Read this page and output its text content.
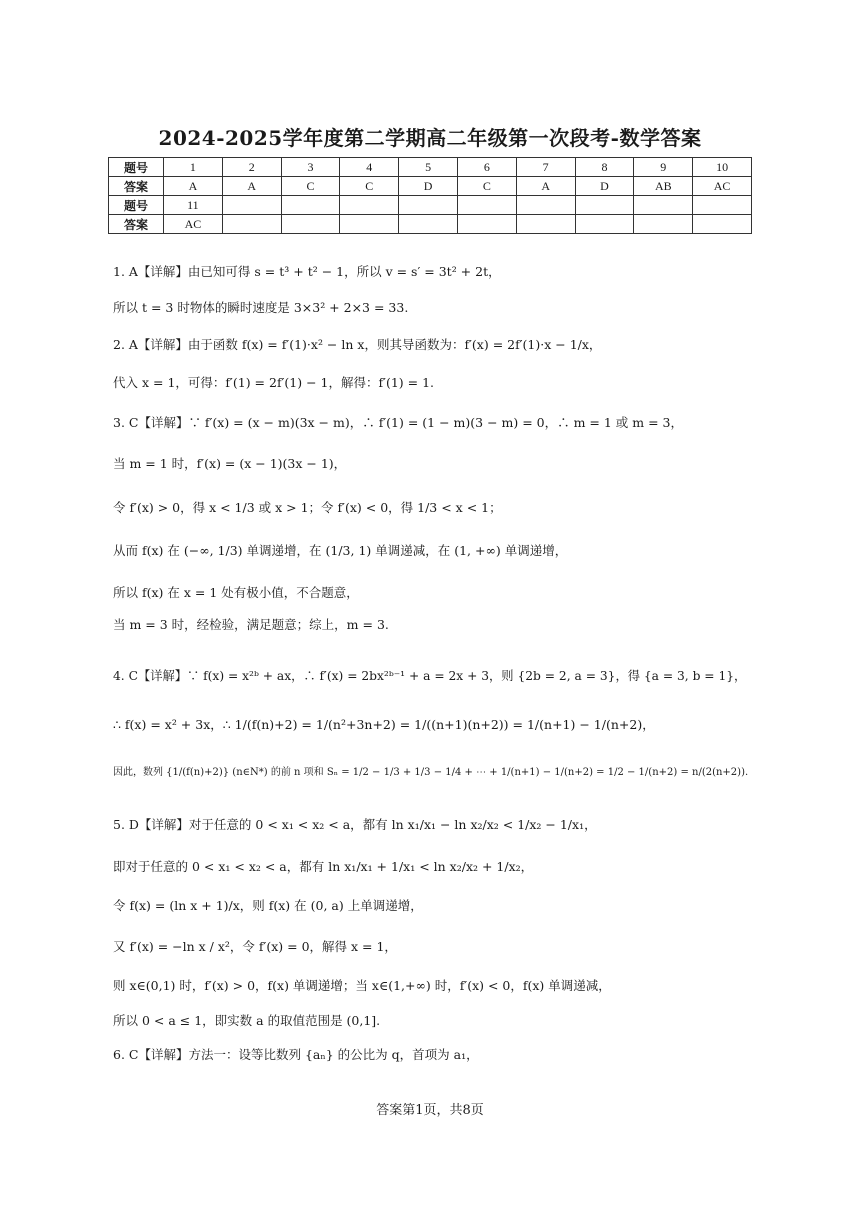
2024-2025学年度第二学期高二年级第一次段考-数学答案
题号	1	2	3	4	5	6	7	8	9	10
答案	A	A	C	C	D	C	A	D	AB	AC
题号	11									
答案	AC									
1. A【详解】由已知可得 s = t³ + t² − 1，所以 v = s′ = 3t² + 2t，
所以 t = 3 时物体的瞬时速度是 3×3² + 2×3 = 33.
2. A【详解】由于函数 f(x) = f′(1)·x² − ln x，则其导函数为：f′(x) = 2f′(1)·x − 1/x，
代入 x = 1，可得：f′(1) = 2f′(1) − 1，解得：f′(1) = 1.
3. C【详解】∵ f′(x) = (x − m)(3x − m)，∴ f′(1) = (1 − m)(3 − m) = 0，∴ m = 1 或 m = 3，
当 m = 1 时，f′(x) = (x − 1)(3x − 1)，
令 f′(x) > 0，得 x < 1/3 或 x > 1；令 f′(x) < 0，得 1/3 < x < 1；
从而 f(x) 在 (−∞, 1/3) 单调递增，在 (1/3, 1) 单调递减，在 (1, +∞) 单调递增，
所以 f(x) 在 x = 1 处有极小值，不合题意，
当 m = 3 时，经检验，满足题意；综上，m = 3.
4. C【详解】∵ f(x) = x²ᵇ + ax，∴ f′(x) = 2bx²ᵇ⁻¹ + a = 2x + 3，则 {2b = 2, a = 3}，得 {a = 3, b = 1}，
∴ f(x) = x² + 3x，∴ 1/(f(n)+2) = 1/(n²+3n+2) = 1/((n+1)(n+2)) = 1/(n+1) − 1/(n+2)，
因此，数列 {1/(f(n)+2)} (n∈N*) 的前 n 项和 Sₙ = 1/2 − 1/3 + 1/3 − 1/4 + ⋯ + 1/(n+1) − 1/(n+2) = 1/2 − 1/(n+2) = n/(2(n+2)).
5. D【详解】对于任意的 0 < x₁ < x₂ < a，都有 ln x₁/x₁ − ln x₂/x₂ < 1/x₂ − 1/x₁，
即对于任意的 0 < x₁ < x₂ < a，都有 ln x₁/x₁ + 1/x₁ < ln x₂/x₂ + 1/x₂，
令 f(x) = (ln x + 1)/x，则 f(x) 在 (0, a) 上单调递增，
又 f′(x) = −ln x / x²，令 f′(x) = 0，解得 x = 1，
则 x∈(0,1) 时，f′(x) > 0，f(x) 单调递增；当 x∈(1,+∞) 时，f′(x) < 0，f(x) 单调递减，
所以 0 < a ≤ 1，即实数 a 的取值范围是 (0,1].
6. C【详解】方法一：设等比数列 {aₙ} 的公比为 q，首项为 a₁，
答案第1页，共8页
